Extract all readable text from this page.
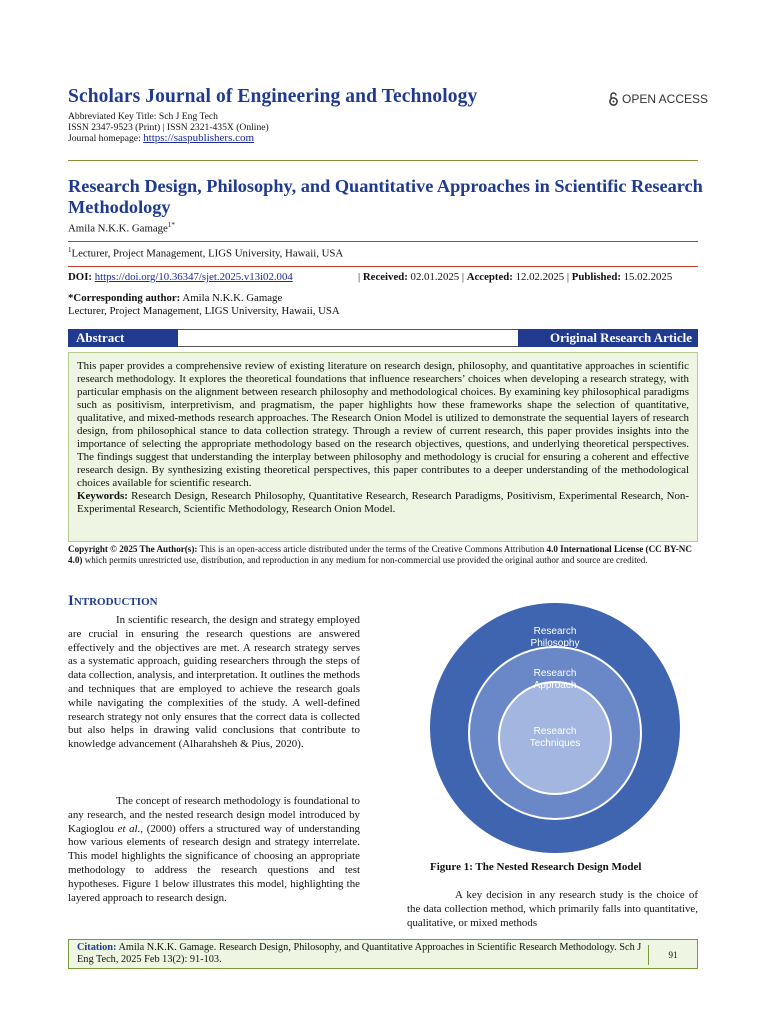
Scholars Journal of Engineering and Technology	OPEN ACCESS
Abbreviated Key Title: Sch J Eng Tech
ISSN 2347-9523 (Print) | ISSN 2321-435X (Online)
Journal homepage: https://saspublishers.com
Research Design, Philosophy, and Quantitative Approaches in Scientific Research Methodology
Amila N.K.K. Gamage$^{1*}$
$^1$Lecturer, Project Management, LIGS University, Hawaii, USA
DOI: https://doi.org/10.36347/sjet.2025.v13i02.004	| Received: 02.01.2025 | Accepted: 12.02.2025 | Published: 15.02.2025
*Corresponding author: Amila N.K.K. Gamage
Lecturer, Project Management, LIGS University, Hawaii, USA
Abstract	Original Research Article
This paper provides a comprehensive review of existing literature on research design, philosophy, and quantitative approaches in scientific research methodology. It explores the theoretical foundations that influence researchers’ choices when developing a research strategy, with particular emphasis on the alignment between research philosophy and methodological choices. By examining key philosophical paradigms such as positivism, interpretivism, and pragmatism, the paper highlights how these frameworks shape the selection of quantitative, qualitative, and mixed-methods research approaches. The Research Onion Model is utilized to demonstrate the sequential layers of research design, from philosophical stance to data collection strategy. Through a review of current research, this paper provides insights into the importance of selecting the appropriate methodology based on the research objectives, questions, and underlying theoretical perspectives. The findings suggest that understanding the interplay between philosophy and methodology is crucial for ensuring a coherent and effective research design. By synthesizing existing theoretical perspectives, this paper contributes to a deeper understanding of the methodological choices available for scientific research.
Keywords: Research Design, Research Philosophy, Quantitative Research, Research Paradigms, Positivism, Experimental Research, Non-Experimental Research, Scientific Methodology, Research Onion Model.
Copyright © 2025 The Author(s): This is an open-access article distributed under the terms of the Creative Commons Attribution 4.0 International License (CC BY-NC 4.0) which permits unrestricted use, distribution, and reproduction in any medium for non-commercial use provided the original author and source are credited.
Introduction
In scientific research, the design and strategy employed are crucial in ensuring the research questions are answered effectively and the objectives are met. A research strategy serves as a systematic approach, guiding researchers through the steps of data collection, analysis, and interpretation. It outlines the methods and techniques that are employed to achieve the research goals while navigating the complexities of the study. A well-defined research strategy not only ensures that the correct data is collected but also helps in drawing valid conclusions that contribute to knowledge advancement (Alharahsheh & Pius, 2020).
The concept of research methodology is foundational to any research, and the nested research design model introduced by Kagioglou et al., (2000) offers a structured way of understanding how various elements of research design and strategy interrelate. This model highlights the significance of choosing an appropriate methodology to address the research questions and test hypotheses. Figure 1 below illustrates this model, highlighting the layered approach to research design.
Research
Philosophy
Research
Approach
Research
Techniques
Figure 1: The Nested Research Design Model
A key decision in any research study is the choice of the data collection method, which primarily falls into quantitative, qualitative, or mixed methods
Citation: Amila N.K.K. Gamage. Research Design, Philosophy, and Quantitative Approaches in Scientific Research Methodology. Sch J Eng Tech, 2025 Feb 13(2): 91-103.	91
